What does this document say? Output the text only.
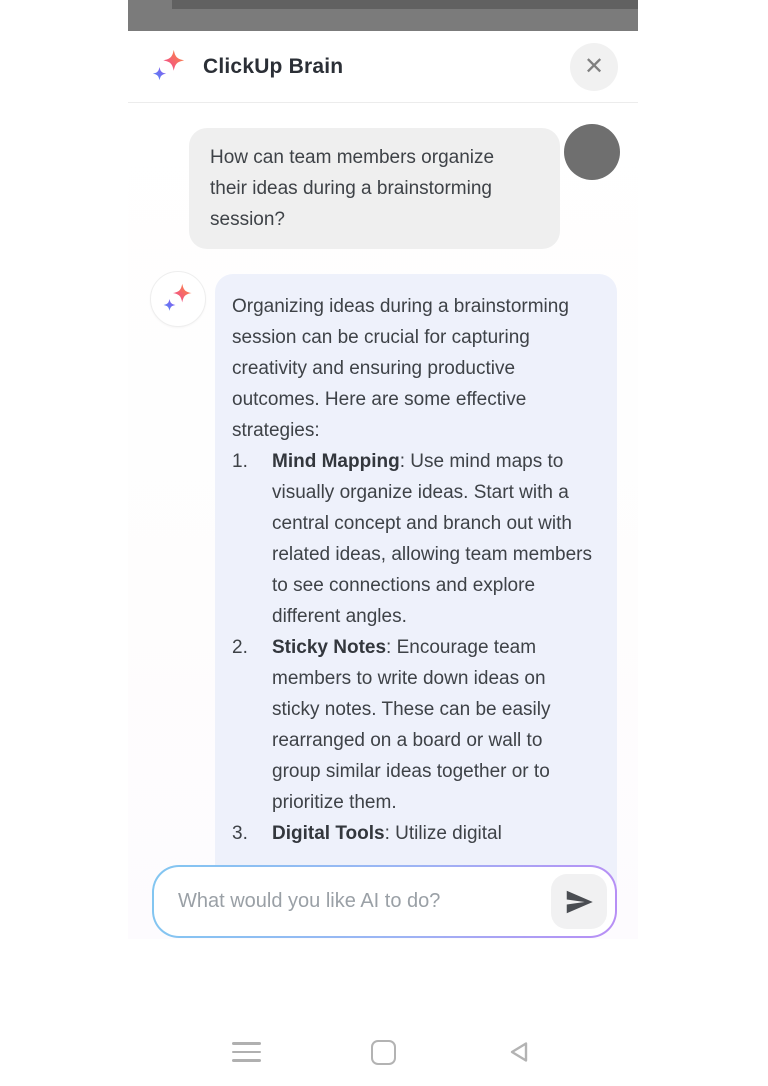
ClickUp Brain	✕
How can team members organize their ideas during a brainstorming session?
Organizing ideas during a brainstorming session can be crucial for capturing creativity and ensuring productive outcomes. Here are some effective strategies:
1.	Mind Mapping: Use mind maps to visually organize ideas. Start with a central concept and branch out with related ideas, allowing team members to see connections and explore different angles.
2.	Sticky Notes: Encourage team members to write down ideas on sticky notes. These can be easily rearranged on a board or wall to group similar ideas together or to prioritize them.
3.	Digital Tools: Utilize digital
What would you like AI to do?
